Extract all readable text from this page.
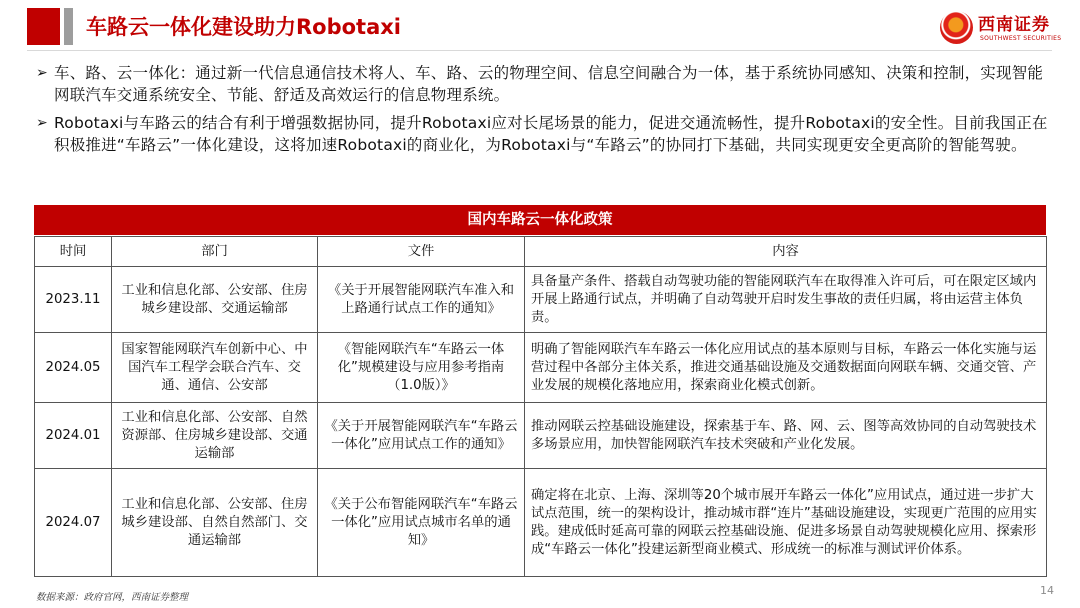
车路云一体化建设助力Robotaxi	西南证券
SOUTHWEST SECURITIES
➢ 车、路、云一体化：通过新一代信息通信技术将人、车、路、云的物理空间、信息空间融合为一体，基于系统协同感知、决策和控制，实现智能网联汽车交通系统安全、节能、舒适及高效运行的信息物理系统。
➢ Robotaxi与车路云的结合有利于增强数据协同，提升Robotaxi应对长尾场景的能力，促进交通流畅性，提升Robotaxi的安全性。目前我国正在积极推进“车路云”一体化建设，这将加速Robotaxi的商业化，为Robotaxi与“车路云”的协同打下基础，共同实现更安全更高阶的智能驾驶。
国内车路云一体化政策
时间	部门	文件	内容
2023.11	工业和信息化部、公安部、住房城乡建设部、交通运输部	《关于开展智能网联汽车准入和上路通行试点工作的通知》	具备量产条件、搭载自动驾驶功能的智能网联汽车在取得准入许可后，可在限定区域内开展上路通行试点，并明确了自动驾驶开启时发生事故的责任归属，将由运营主体负责。
2024.05	国家智能网联汽车创新中心、中国汽车工程学会联合汽车、交通、通信、公安部	《智能网联汽车“车路云一体化”规模建设与应用参考指南（1.0版）》	明确了智能网联汽车车路云一体化应用试点的基本原则与目标，车路云一体化实施与运营过程中各部分主体关系，推进交通基础设施及交通数据面向网联车辆、交通交管、产业发展的规模化落地应用，探索商业化模式创新。
2024.01	工业和信息化部、公安部、自然资源部、住房城乡建设部、交通运输部	《关于开展智能网联汽车“车路云一体化”应用试点工作的通知》	推动网联云控基础设施建设，探索基于车、路、网、云、图等高效协同的自动驾驶技术多场景应用，加快智能网联汽车技术突破和产业化发展。
2024.07	工业和信息化部、公安部、住房城乡建设部、自然自然部门、交通运输部	《关于公布智能网联汽车“车路云一体化”应用试点城市名单的通知》	确定将在北京、上海、深圳等20个城市展开车路云一体化”应用试点，通过进一步扩大试点范围，统一的架构设计，推动城市群“连片”基础设施建设，实现更广范围的应用实践。建成低时延高可靠的网联云控基础设施、促进多场景自动驾驶规模化应用、探索形成“车路云一体化”投建运新型商业模式、形成统一的标准与测试评价体系。
数据来源：政府官网，西南证券整理
14
